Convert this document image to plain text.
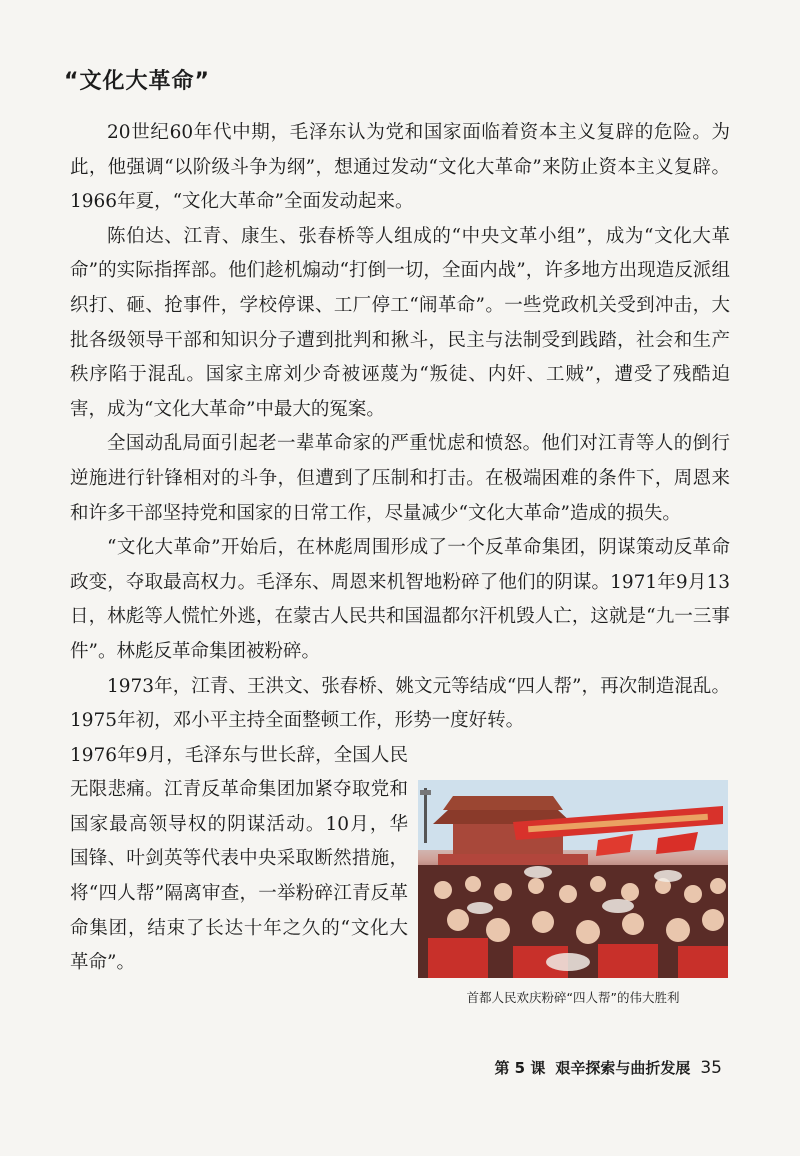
“文化大革命”

20世纪60年代中期，毛泽东认为党和国家面临着资本主义复辟的危险。为此，他强调“以阶级斗争为纲”，想通过发动“文化大革命”来防止资本主义复辟。1966年夏，“文化大革命”全面发动起来。

陈伯达、江青、康生、张春桥等人组成的“中央文革小组”，成为“文化大革命”的实际指挥部。他们趁机煽动“打倒一切，全面内战”，许多地方出现造反派组织打、砸、抢事件，学校停课、工厂停工“闹革命”。一些党政机关受到冲击，大批各级领导干部和知识分子遭到批判和揪斗，民主与法制受到践踏，社会和生产秩序陷于混乱。国家主席刘少奇被诬蔑为“叛徒、内奸、工贼”，遭受了残酷迫害，成为“文化大革命”中最大的冤案。

全国动乱局面引起老一辈革命家的严重忧虑和愤怒。他们对江青等人的倒行逆施进行针锋相对的斗争，但遭到了压制和打击。在极端困难的条件下，周恩来和许多干部坚持党和国家的日常工作，尽量减少“文化大革命”造成的损失。

“文化大革命”开始后，在林彪周围形成了一个反革命集团，阴谋策动反革命政变，夺取最高权力。毛泽东、周恩来机智地粉碎了他们的阴谋。1971年9月13日，林彪等人慌忙外逃，在蒙古人民共和国温都尔汗机毁人亡，这就是“九一三事件”。林彪反革命集团被粉碎。

1973年，江青、王洪文、张春桥、姚文元等结成“四人帮”，再次制造混乱。1975年初，邓小平主持全面整顿工作，形势一度好转。

1976年9月，毛泽东与世长辞，全国人民无限悲痛。江青反革命集团加紧夺取党和国家最高领导权的阴谋活动。10月，华国锋、叶剑英等代表中央采取断然措施，将“四人帮”隔离审查，一举粉碎江青反革命集团，结束了长达十年之久的“文化大革命”。

首都人民欢庆粉碎“四人帮”的伟大胜利
第 5 课 艰辛探索与曲折发展 35
